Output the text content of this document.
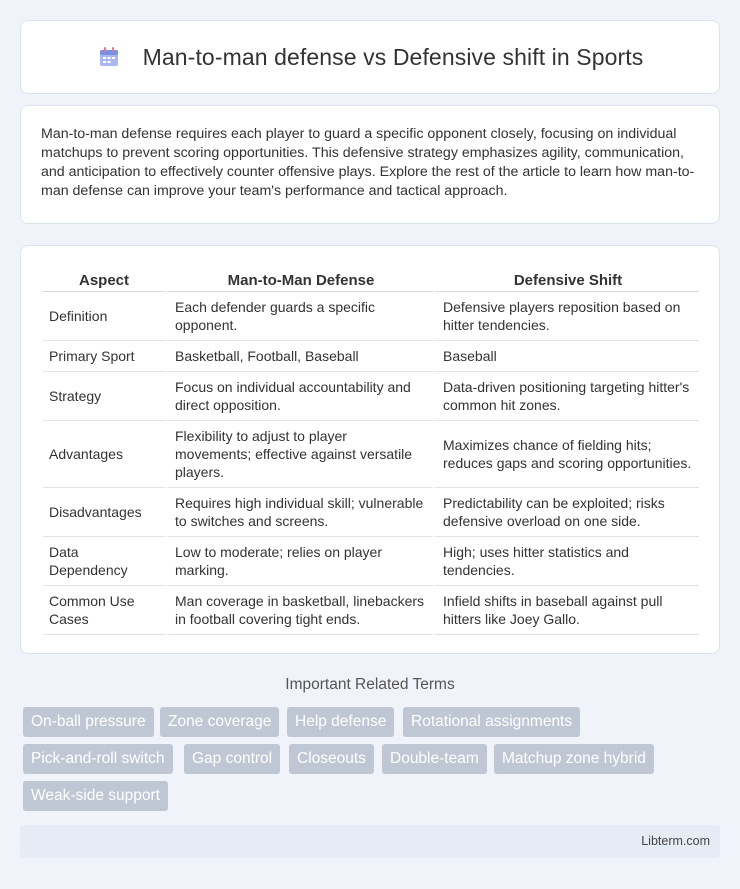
Man-to-man defense vs Defensive shift in Sports

Man-to-man defense requires each player to guard a specific opponent closely, focusing on individual matchups to prevent scoring opportunities. This defensive strategy emphasizes agility, communication, and anticipation to effectively counter offensive plays. Explore the rest of the article to learn how man-to-man defense can improve your team's performance and tactical approach.

Aspect	Man-to-Man Defense	Defensive Shift
Definition	Each defender guards a specific opponent.	Defensive players reposition based on hitter tendencies.
Primary Sport	Basketball, Football, Baseball	Baseball
Strategy	Focus on individual accountability and direct opposition.	Data-driven positioning targeting hitter's common hit zones.
Advantages	Flexibility to adjust to player movements; effective against versatile players.	Maximizes chance of fielding hits; reduces gaps and scoring opportunities.
Disadvantages	Requires high individual skill; vulnerable to switches and screens.	Predictability can be exploited; risks defensive overload on one side.
Data Dependency	Low to moderate; relies on player marking.	High; uses hitter statistics and tendencies.
Common Use Cases	Man coverage in basketball, linebackers in football covering tight ends.	Infield shifts in baseball against pull hitters like Joey Gallo.
Important Related Terms
On-ball pressure	Zone coverage	Help defense	Rotational assignments
Pick-and-roll switch	Gap control	Closeouts	Double-team	Matchup zone hybrid
Weak-side support
Libterm.com
